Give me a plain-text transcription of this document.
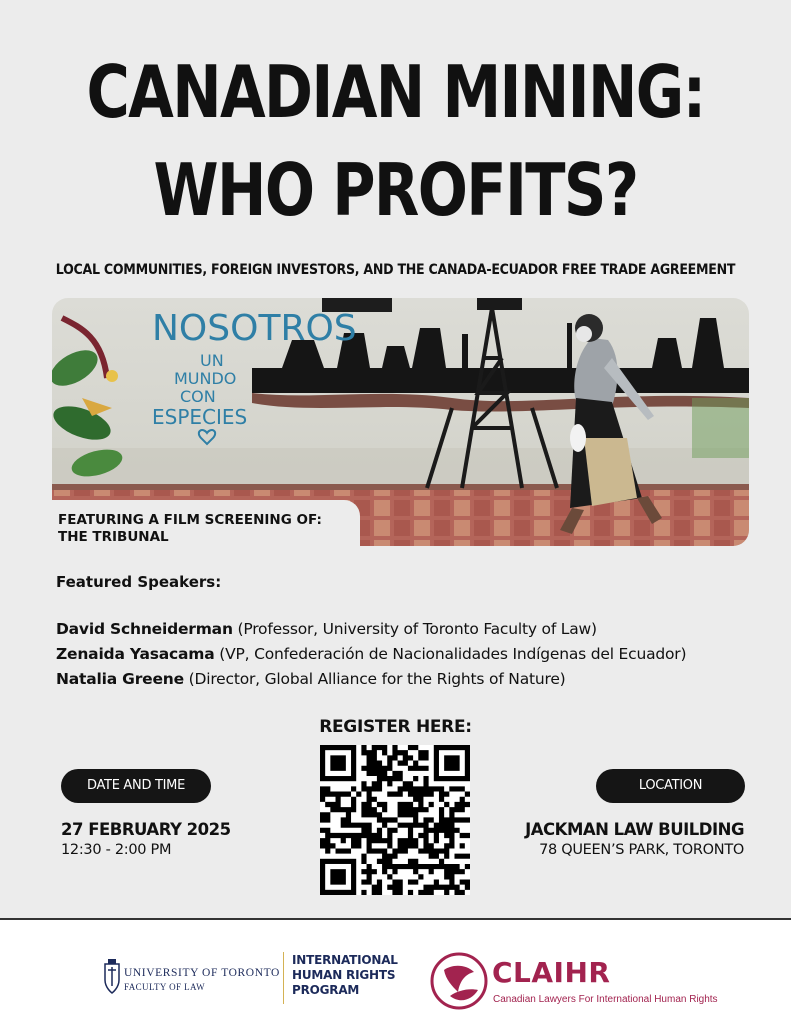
CANADIAN MINING:
WHO PROFITS?
LOCAL COMMUNITIES, FOREIGN INVESTORS, AND THE CANADA-ECUADOR FREE TRADE AGREEMENT
NOSOTROS
UN
MUNDO
CON
ESPECIES
FEATURING A FILM SCREENING OF:
THE TRIBUNAL
Featured Speakers:
David Schneiderman (Professor, University of Toronto Faculty of Law)
Zenaida Yasacama (VP, Confederación de Nacionalidades Indígenas del Ecuador)
Natalia Greene (Director, Global Alliance for the Rights of Nature)
REGISTER HERE:
DATE AND TIME
27 FEBRUARY 2025
12:30 - 2:00 PM
LOCATION
JACKMAN LAW BUILDING
78 QUEEN’S PARK, TORONTO
UNIVERSITY OF TORONTO
FACULTY OF LAW
INTERNATIONAL
HUMAN RIGHTS
PROGRAM
CLAIHR
Canadian Lawyers For International Human Rights
